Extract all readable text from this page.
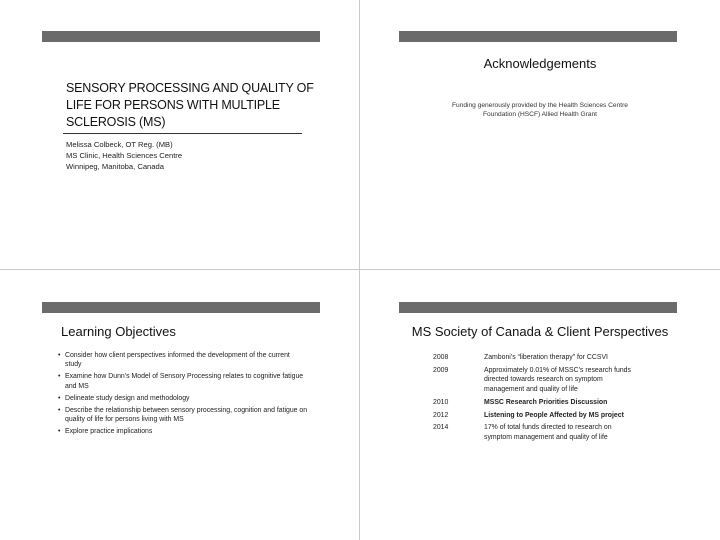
SENSORY PROCESSING AND QUALITY OF LIFE FOR PERSONS WITH MULTIPLE SCLEROSIS (MS)
Melissa Colbeck, OT Reg. (MB)
MS Clinic, Health Sciences Centre
Winnipeg, Manitoba, Canada
Acknowledgements
Funding generously provided by the Health Sciences Centre
Foundation (HSCF) Allied Health Grant
Learning Objectives
• Consider how client perspectives informed the development of the current study
• Examine how Dunn’s Model of Sensory Processing relates to cognitive fatigue and MS
• Delineate study design and methodology
• Describe the relationship between sensory processing, cognition and fatigue on quality of life for persons living with MS
• Explore practice implications
MS Society of Canada & Client Perspectives
2008	Zamboni’s “liberation therapy” for CCSVI
2009	Approximately 0.01% of MSSC’s research funds directed towards research on symptom management and quality of life
2010	MSSC Research Priorities Discussion
2012	Listening to People Affected by MS project
2014	17% of total funds directed to research on symptom management and quality of life
